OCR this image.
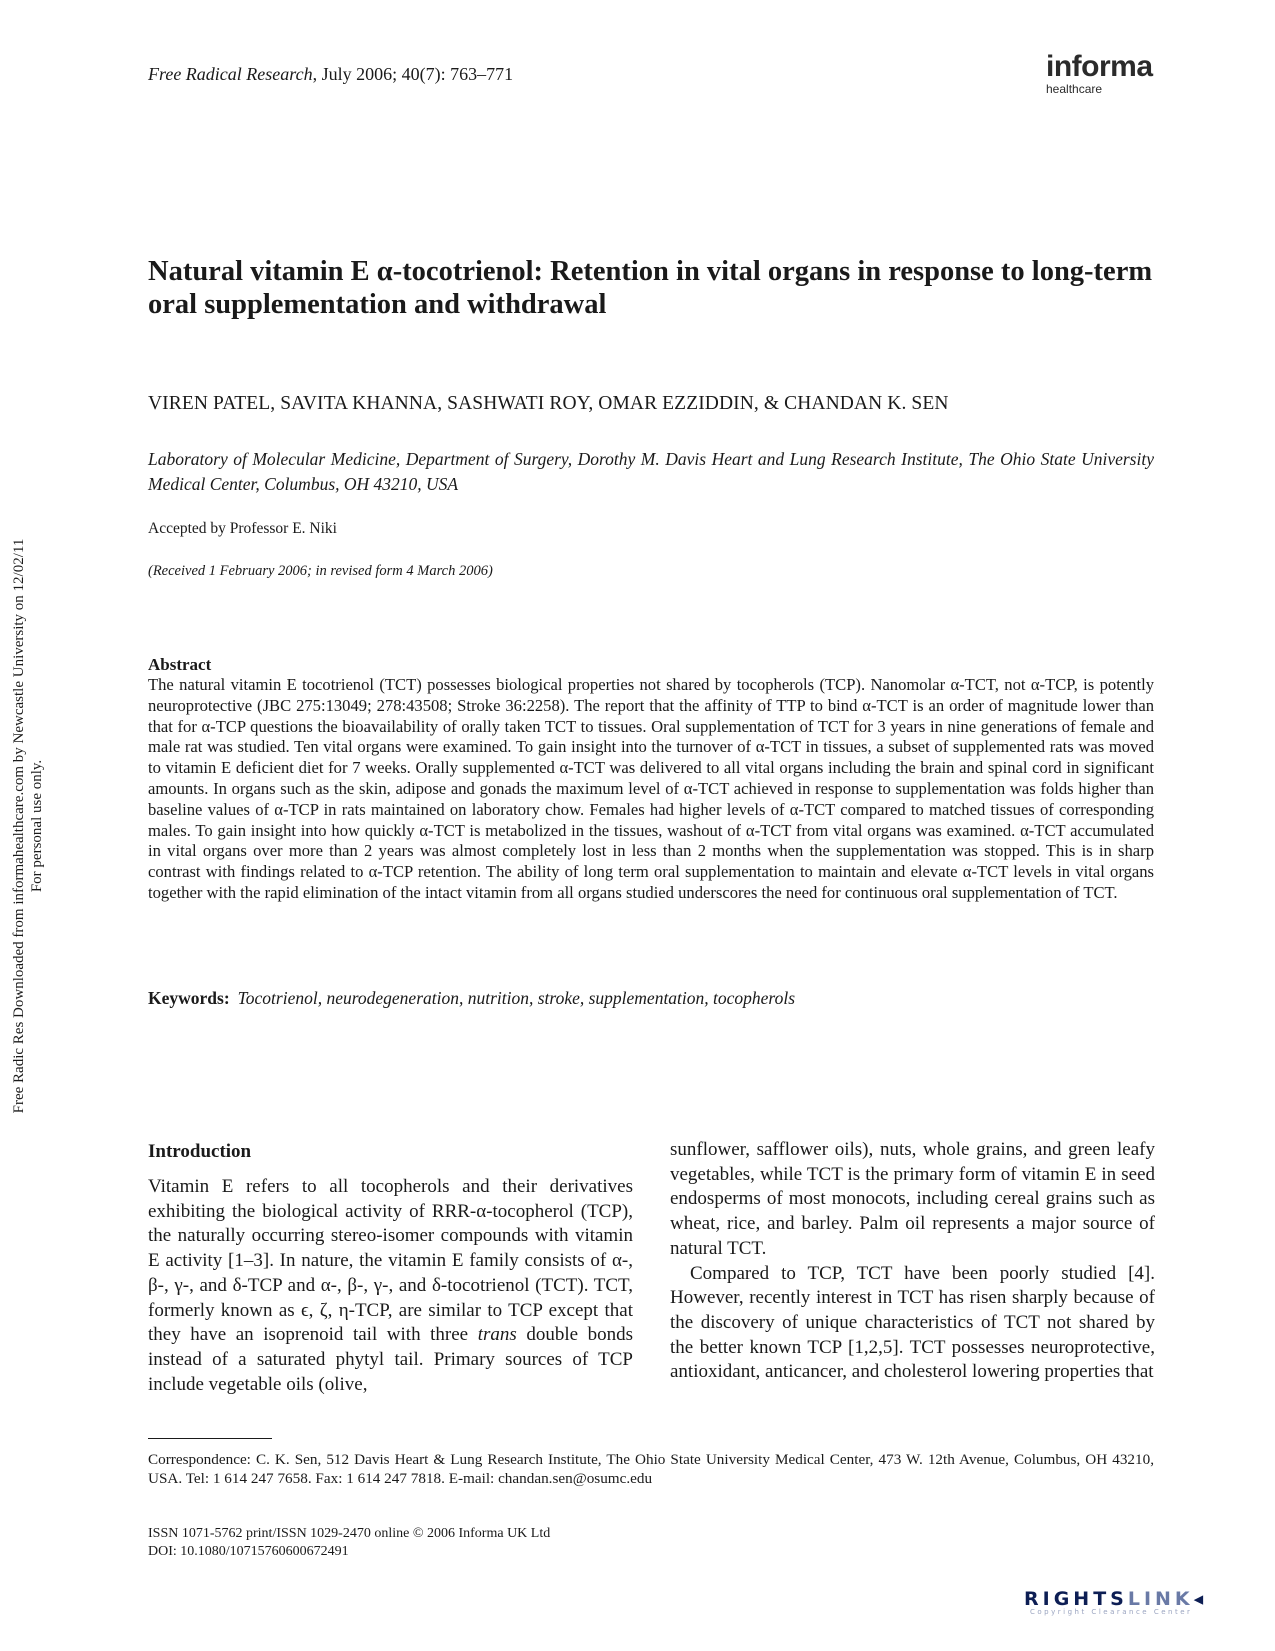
Free Radical Research, July 2006; 40(7): 763–771	informa
healthcare
Natural vitamin E α-tocotrienol: Retention in vital organs in response to long-term oral supplementation and withdrawal
VIREN PATEL, SAVITA KHANNA, SASHWATI ROY, OMAR EZZIDDIN, & CHANDAN K. SEN
Laboratory of Molecular Medicine, Department of Surgery, Dorothy M. Davis Heart and Lung Research Institute, The Ohio State University Medical Center, Columbus, OH 43210, USA
Accepted by Professor E. Niki
(Received 1 February 2006; in revised form 4 March 2006)
Abstract
The natural vitamin E tocotrienol (TCT) possesses biological properties not shared by tocopherols (TCP). Nanomolar α-TCT, not α-TCP, is potently neuroprotective (JBC 275:13049; 278:43508; Stroke 36:2258). The report that the affinity of TTP to bind α-TCT is an order of magnitude lower than that for α-TCP questions the bioavailability of orally taken TCT to tissues. Oral supplementation of TCT for 3 years in nine generations of female and male rat was studied. Ten vital organs were examined. To gain insight into the turnover of α-TCT in tissues, a subset of supplemented rats was moved to vitamin E deficient diet for 7 weeks. Orally supplemented α-TCT was delivered to all vital organs including the brain and spinal cord in significant amounts. In organs such as the skin, adipose and gonads the maximum level of α-TCT achieved in response to supplementation was folds higher than baseline values of α-TCP in rats maintained on laboratory chow. Females had higher levels of α-TCT compared to matched tissues of corresponding males. To gain insight into how quickly α-TCT is metabolized in the tissues, washout of α-TCT from vital organs was examined. α-TCT accumulated in vital organs over more than 2 years was almost completely lost in less than 2 months when the supplementation was stopped. This is in sharp contrast with findings related to α-TCP retention. The ability of long term oral supplementation to maintain and elevate α-TCT levels in vital organs together with the rapid elimination of the intact vitamin from all organs studied underscores the need for continuous oral supplementation of TCT.
Keywords: Tocotrienol, neurodegeneration, nutrition, stroke, supplementation, tocopherols
Introduction

Vitamin E refers to all tocopherols and their derivatives exhibiting the biological activity of RRR-α-tocopherol (TCP), the naturally occurring stereo-isomer compounds with vitamin E activity [1–3]. In nature, the vitamin E family consists of α-, β-, γ-, and δ-TCP and α-, β-, γ-, and δ-tocotrienol (TCT). TCT, formerly known as ϵ, ζ, η-TCP, are similar to TCP except that they have an isoprenoid tail with three trans double bonds instead of a saturated phytyl tail. Primary sources of TCP include vegetable oils (olive,

sunflower, safflower oils), nuts, whole grains, and green leafy vegetables, while TCT is the primary form of vitamin E in seed endosperms of most monocots, including cereal grains such as wheat, rice, and barley. Palm oil represents a major source of natural TCT.

Compared to TCP, TCT have been poorly studied [4]. However, recently interest in TCT has risen sharply because of the discovery of unique characteristics of TCT not shared by the better known TCP [1,2,5]. TCT possesses neuroprotective, antioxidant, anticancer, and cholesterol lowering properties that

Correspondence: C. K. Sen, 512 Davis Heart & Lung Research Institute, The Ohio State University Medical Center, 473 W. 12th Avenue, Columbus, OH 43210, USA. Tel: 1 614 247 7658. Fax: 1 614 247 7818. E-mail: chandan.sen@osumc.edu
ISSN 1071-5762 print/ISSN 1029-2470 online © 2006 Informa UK Ltd
DOI: 10.1080/10715760600672491
RIGHTSLINK◂
Copyright Clearance Center
Free Radic Res Downloaded from informahealthcare.com by Newcastle University on 12/02/11 For personal use only.
